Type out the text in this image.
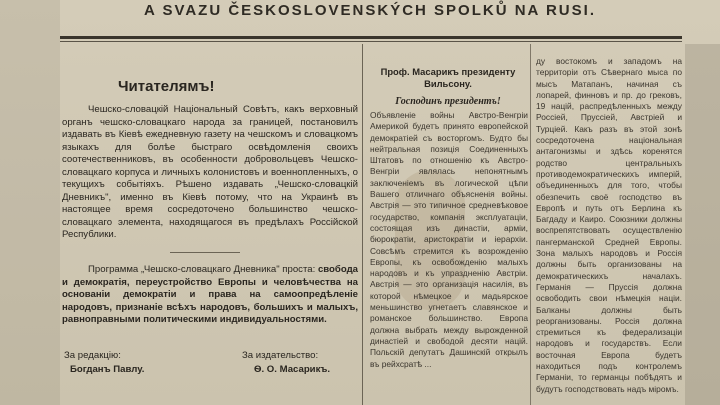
A SVAZU ČESKOSLOVENSKÝCH SPOLKŮ NA RUSI.
Читателямъ!
Чешско-словацкій Національный Совѣтъ, какъ верховный органъ чешско-словацкаго народа за границей, постановилъ издавать въ Кіевѣ ежедневную газету на чешскомъ и словацкомъ языкахъ для болѣе быстраго освѣдомленія своихъ соотечественниковъ, въ особенности добровольцевъ Чешско-словацкаго корпуса и личныхъ колонистовъ и военнопленныхъ, о текущихъ событіяхъ. Рѣшено издавать „Чешско-словацкій Дневникъ", именно въ Кіевѣ потому, что на Украинѣ въ настоящее время сосредоточено большинство чешско-словацкаго элемента, находящагося въ предѣлахъ Россійской Республики.
Программа „Чешско-словацкаго Дневника" проста: свобода и демократія, переустройство Европы и человѣчества на основаніи демократіи и права на самоопредѣленіе народовъ, признаніе всѣхъ народовъ, большихъ и малыхъ, равноправными политическими индивидуальностями.
За редакцію:
Богданъ Павлу.
За издательство:
Ѳ. О. Масарикъ.
Проф. Масарикъ президенту Вильсону.
Господинъ президентъ!
Объявленіе войны Австро-Венгріи Америкой будетъ принято европейской демократіей съ восторгомъ. Будто бы нейтральная позиція Соединенныхъ Штатовъ по отношенію къ Австро-Венгріи являлась непонятнымъ заключеніемъ въ логической цѣпи Вашего отличнаго объясненія войны. Австрія — это типичное средневѣковое государство, компанія эксплуатаціи, состоящая изъ династіи, арміи, бюрократіи, аристократіи и іерархіи. Совсѣмъ стремится къ возрожденію Европы, къ освобожденію малыхъ народовъ и къ упраздненію Австріи. Австрія — это организація насилія, въ которой нѣмецкое и мадьярское меньшинство угнетаетъ славянское и романское большинство. Европа должна выбрать между вырожденной династіей и свободой десяти націй. Польскій депутатъ Дашинскій открылъ въ рейхсратѣ ...
ду востокомъ и западомъ на территоріи отъ Сѣвернаго мыса по мысъ Матапанъ, начиная съ лопарей, финновъ и пр. до грековъ, 19 націй, распредѣленныхъ между Россіей, Пруссіей, Австріей и Турціей. Какъ разъ въ этой зонѣ сосредоточена національная антагонизмы и здѣсь коренятся родство центральныхъ противодемократическихъ имперій, объединенныхъ для того, чтобы обезпечить своё господство въ Европѣ и путь отъ Берлина къ Багдаду и Каиро. Союзники должны воспрепятствовать осуществленію пангерманской Средней Европы. Зона малыхъ народовъ и Россія должны быть организованы на демократическихъ началахъ. Германія — Пруссія должна освободить свои нѣмецкія націи. Балканы должны быть реорганизованы. Россія должна стремиться къ федерализаціи народовъ и государствъ. Если восточная Европа будетъ находиться подъ контролемъ Германіи, то германцы побѣдятъ и будутъ господствовать надъ міромъ.
